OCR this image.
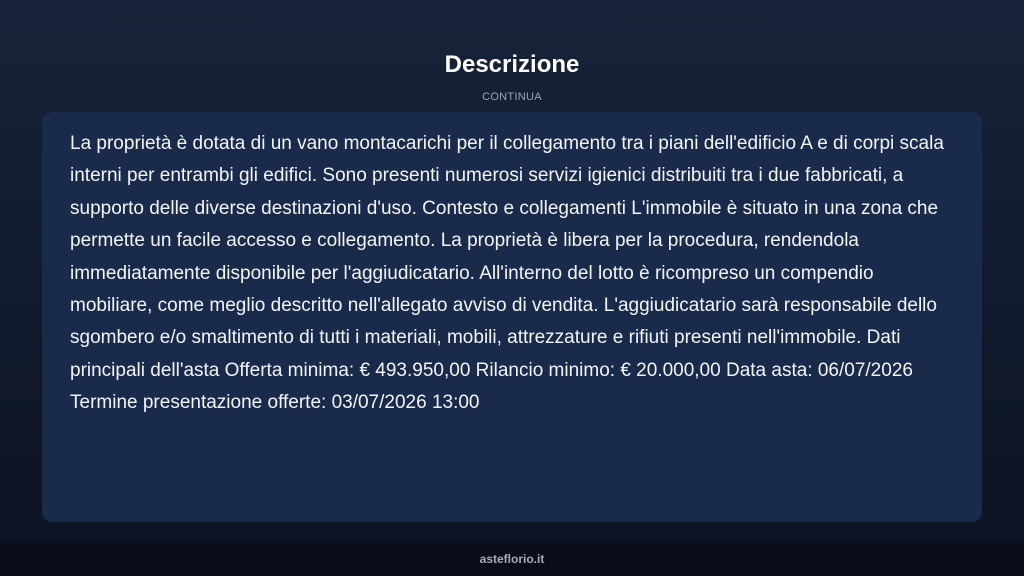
Descrizione
CONTINUA

La proprietà è dotata di un vano montacarichi per il collegamento tra i piani dell'edificio A e di corpi scala interni per entrambi gli edifici. Sono presenti numerosi servizi igienici distribuiti tra i due fabbricati, a supporto delle diverse destinazioni d'uso. Contesto e collegamenti L'immobile è situato in una zona che permette un facile accesso e collegamento. La proprietà è libera per la procedura, rendendola immediatamente disponibile per l'aggiudicatario. All'interno del lotto è ricompreso un compendio mobiliare, come meglio descritto nell'allegato avviso di vendita. L'aggiudicatario sarà responsabile dello sgombero e/o smaltimento di tutti i materiali, mobili, attrezzature e rifiuti presenti nell'immobile. Dati principali dell'asta Offerta minima: € 493.950,00 Rilancio minimo: € 20.000,00 Data asta: 06/07/2026 Termine presentazione offerte: 03/07/2026 13:00

asteflorio.it
